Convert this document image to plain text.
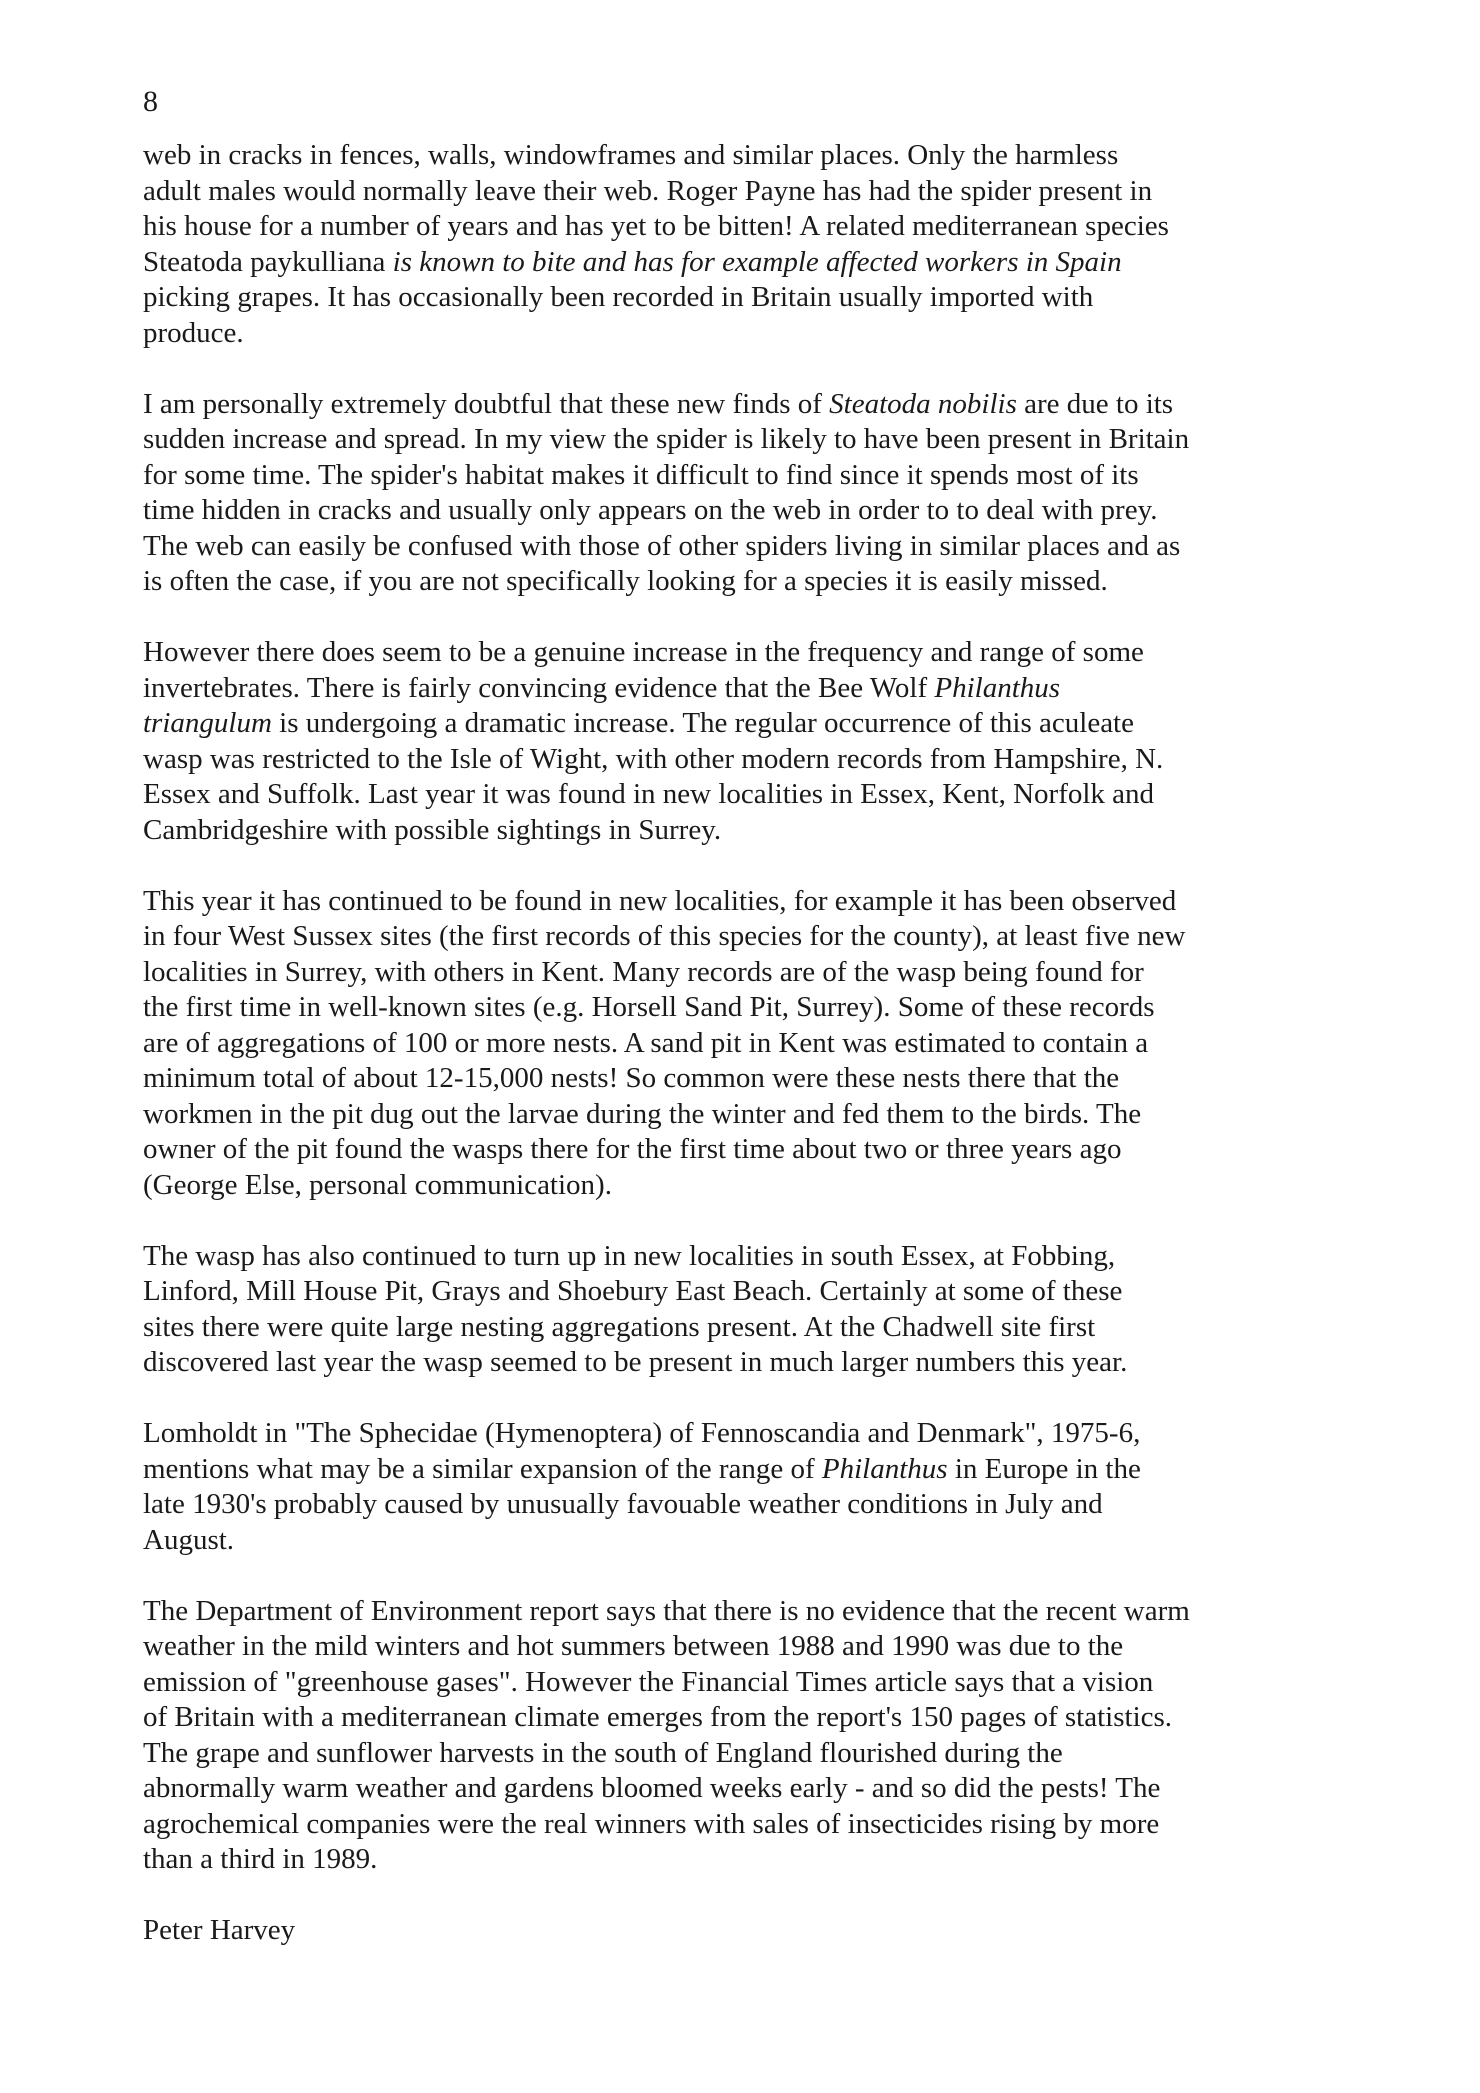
8

web in cracks in fences, walls, windowframes and similar places. Only the harmless
adult males would normally leave their web. Roger Payne has had the spider present in
his house for a number of years and has yet to be bitten! A related mediterranean species
Steatoda paykulliana is known to bite and has for example affected workers in Spain
picking grapes. It has occasionally been recorded in Britain usually imported with
produce.

I am personally extremely doubtful that these new finds of Steatoda nobilis are due to its
sudden increase and spread. In my view the spider is likely to have been present in Britain
for some time. The spider's habitat makes it difficult to find since it spends most of its
time hidden in cracks and usually only appears on the web in order to to deal with prey.
The web can easily be confused with those of other spiders living in similar places and as
is often the case, if you are not specifically looking for a species it is easily missed.

However there does seem to be a genuine increase in the frequency and range of some
invertebrates. There is fairly convincing evidence that the Bee Wolf Philanthus
triangulum is undergoing a dramatic increase. The regular occurrence of this aculeate
wasp was restricted to the Isle of Wight, with other modern records from Hampshire, N.
Essex and Suffolk. Last year it was found in new localities in Essex, Kent, Norfolk and
Cambridgeshire with possible sightings in Surrey.

This year it has continued to be found in new localities, for example it has been observed
in four West Sussex sites (the first records of this species for the county), at least five new
localities in Surrey, with others in Kent. Many records are of the wasp being found for
the first time in well-known sites (e.g. Horsell Sand Pit, Surrey). Some of these records
are of aggregations of 100 or more nests. A sand pit in Kent was estimated to contain a
minimum total of about 12-15,000 nests! So common were these nests there that the
workmen in the pit dug out the larvae during the winter and fed them to the birds. The
owner of the pit found the wasps there for the first time about two or three years ago
(George Else, personal communication).

The wasp has also continued to turn up in new localities in south Essex, at Fobbing,
Linford, Mill House Pit, Grays and Shoebury East Beach. Certainly at some of these
sites there were quite large nesting aggregations present. At the Chadwell site first
discovered last year the wasp seemed to be present in much larger numbers this year.

Lomholdt in "The Sphecidae (Hymenoptera) of Fennoscandia and Denmark", 1975-6,
mentions what may be a similar expansion of the range of Philanthus in Europe in the
late 1930's probably caused by unusually favouable weather conditions in July and
August.

The Department of Environment report says that there is no evidence that the recent warm
weather in the mild winters and hot summers between 1988 and 1990 was due to the
emission of "greenhouse gases". However the Financial Times article says that a vision
of Britain with a mediterranean climate emerges from the report's 150 pages of statistics.
The grape and sunflower harvests in the south of England flourished during the
abnormally warm weather and gardens bloomed weeks early - and so did the pests! The
agrochemical companies were the real winners with sales of insecticides rising by more
than a third in 1989.

Peter Harvey
